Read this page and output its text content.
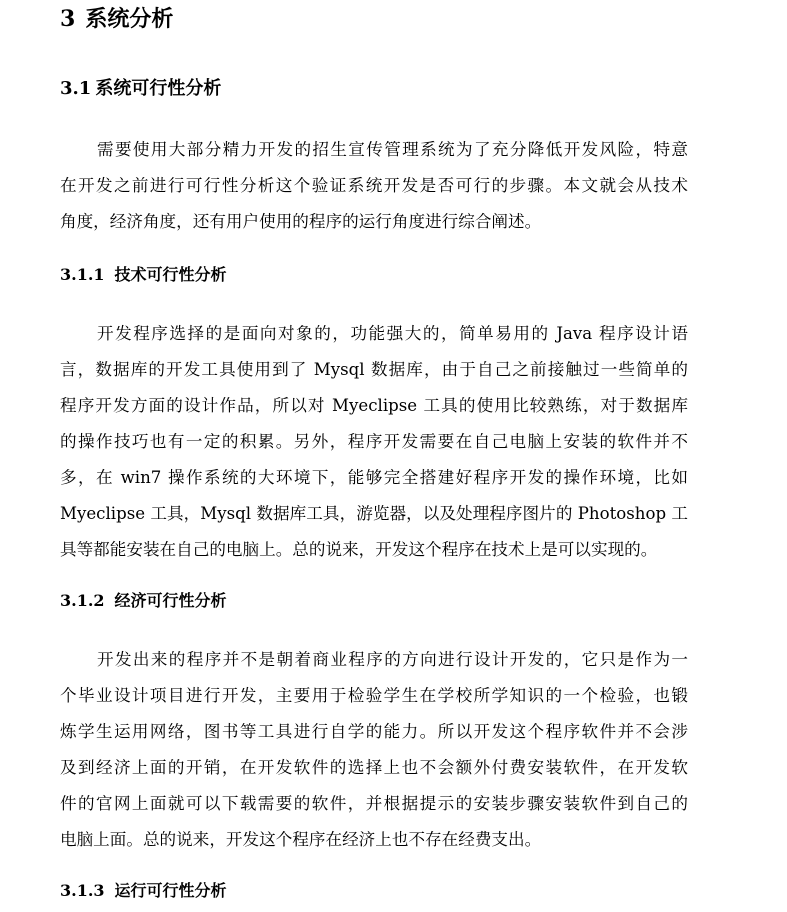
3 系统分析
3.1 系统可行性分析
需要使用大部分精力开发的招生宣传管理系统为了充分降低开发风险，特意
在开发之前进行可行性分析这个验证系统开发是否可行的步骤。本文就会从技术
角度，经济角度，还有用户使用的程序的运行角度进行综合阐述。
3.1.1 技术可行性分析
开发程序选择的是面向对象的，功能强大的，简单易用的 Java 程序设计语
言，数据库的开发工具使用到了 Mysql 数据库，由于自己之前接触过一些简单的
程序开发方面的设计作品，所以对 Myeclipse 工具的使用比较熟练，对于数据库
的操作技巧也有一定的积累。另外，程序开发需要在自己电脑上安装的软件并不
多，在 win7 操作系统的大环境下，能够完全搭建好程序开发的操作环境，比如
Myeclipse 工具，Mysql 数据库工具，游览器，以及处理程序图片的 Photoshop 工
具等都能安装在自己的电脑上。总的说来，开发这个程序在技术上是可以实现的。
3.1.2 经济可行性分析
开发出来的程序并不是朝着商业程序的方向进行设计开发的，它只是作为一
个毕业设计项目进行开发，主要用于检验学生在学校所学知识的一个检验，也锻
炼学生运用网络，图书等工具进行自学的能力。所以开发这个程序软件并不会涉
及到经济上面的开销，在开发软件的选择上也不会额外付费安装软件，在开发软
件的官网上面就可以下载需要的软件，并根据提示的安装步骤安装软件到自己的
电脑上面。总的说来，开发这个程序在经济上也不存在经费支出。
3.1.3 运行可行性分析
